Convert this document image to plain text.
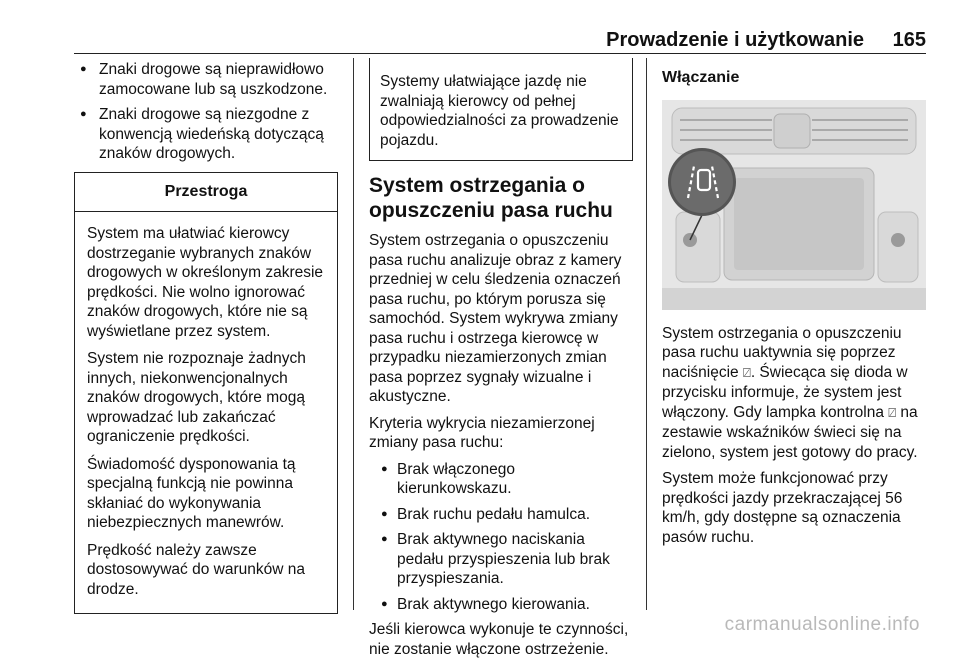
Prowadzenie i użytkowanie 165
● Znaki drogowe są nieprawidłowo zamocowane lub są uszkodzone.
● Znaki drogowe są niezgodne z konwencją wiedeńską dotyczącą znaków drogowych.
Przestroga

System ma ułatwiać kierowcy dostrzeganie wybranych znaków drogowych w określonym zakresie prędkości. Nie wolno ignorować znaków drogowych, które nie są wyświetlane przez system.

System nie rozpoznaje żadnych innych, niekonwencjonalnych znaków drogowych, które mogą wprowadzać lub zakańczać ograniczenie prędkości.

Świadomość dysponowania tą specjalną funkcją nie powinna skłaniać do wykonywania niebezpiecznych manewrów.

Prędkość należy zawsze dostosowywać do warunków na drodze.

Systemy ułatwiające jazdę nie zwalniają kierowcy od pełnej odpowiedzialności za prowadzenie pojazdu.
System ostrzegania o opuszczeniu pasa ruchu

System ostrzegania o opuszczeniu pasa ruchu analizuje obraz z kamery przedniej w celu śledzenia oznaczeń pasa ruchu, po którym porusza się samochód. System wykrywa zmiany pasa ruchu i ostrzega kierowcę w przypadku niezamierzonych zmian pasa poprzez sygnały wizualne i akustyczne.

Kryteria wykrycia niezamierzonej zmiany pasa ruchu:

● Brak włączonego kierunkowskazu.
● Brak ruchu pedału hamulca.
● Brak aktywnego naciskania pedału przyspieszenia lub brak przyspieszania.
● Brak aktywnego kierowania.

Jeśli kierowca wykonuje te czynności, nie zostanie włączone ostrzeżenie.

Włączanie

System ostrzegania o opuszczeniu pasa ruchu uaktywnia się poprzez naciśnięcie ⍁. Świecąca się dioda w przycisku informuje, że system jest włączony. Gdy lampka kontrolna ⍁ na zestawie wskaźników świeci się na zielono, system jest gotowy do pracy.

System może funkcjonować przy prędkości jazdy przekraczającej 56 km/h, gdy dostępne są oznaczenia pasów ruchu.

carmanualsonline.info
